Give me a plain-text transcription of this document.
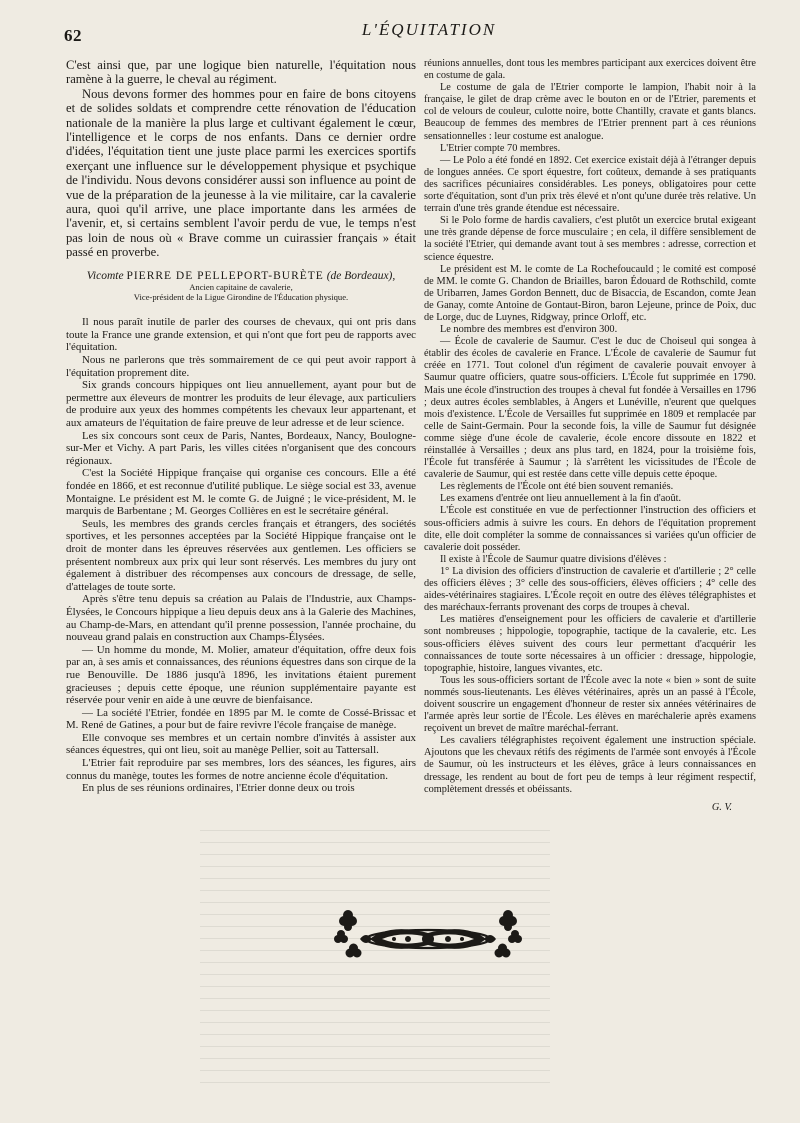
62	L'ÉQUITATION

C'est ainsi que, par une logique bien naturelle, l'équitation nous ramène à la guerre, le cheval au régiment.

Nous devons former des hommes pour en faire de bons citoyens et de solides soldats et comprendre cette rénovation de l'éducation nationale de la manière la plus large et cultivant également le cœur, l'intelligence et le corps de nos enfants. Dans ce dernier ordre d'idées, l'équitation tient une juste place parmi les exercices sportifs exerçant une influence sur le développement physique et psychique de l'individu. Nous devons considérer aussi son influence au point de vue de la préparation de la jeunesse à la vie militaire, car la cavalerie aura, quoi qu'il arrive, une place importante dans les armées de l'avenir, et, si certains semblent l'avoir perdu de vue, le temps n'est pas loin de nous où « Brave comme un cuirassier français » était passé en proverbe.

Vicomte PIERRE DE PELLEPORT-BURÈTE (de Bordeaux),
Ancien capitaine de cavalerie,
Vice-président de la Ligue Girondine de l'Éducation physique.

Il nous paraît inutile de parler des courses de chevaux, qui ont pris dans toute la France une grande extension, et qui n'ont que fort peu de rapports avec l'équitation.

Nous ne parlerons que très sommairement de ce qui peut avoir rapport à l'équitation proprement dite.

Six grands concours hippiques ont lieu annuellement, ayant pour but de permettre aux éleveurs de montrer les produits de leur élevage, aux particuliers de produire aux yeux des hommes compétents les chevaux leur appartenant, et aux amateurs de l'équitation de faire preuve de leur adresse et de leur science.

Les six concours sont ceux de Paris, Nantes, Bordeaux, Nancy, Boulogne-sur-Mer et Vichy. A part Paris, les villes citées n'organisent que des concours régionaux.

C'est la Société Hippique française qui organise ces concours. Elle a été fondée en 1866, et est reconnue d'utilité publique. Le siège social est 33, avenue Montaigne. Le président est M. le comte G. de Juigné ; le vice-président, M. le marquis de Barbentane ; M. Georges Collières en est le secrétaire général.

Seuls, les membres des grands cercles français et étrangers, des sociétés sportives, et les personnes acceptées par la Société Hippique française ont le droit de monter dans les épreuves réservées aux gentlemen. Les officiers se présentent nombreux aux prix qui leur sont réservés. Les membres du jury ont également à distribuer des récompenses aux concours de dressage, de selle, d'attelages de toute sorte.

Après s'être tenu depuis sa création au Palais de l'Industrie, aux Champs-Élysées, le Concours hippique a lieu depuis deux ans à la Galerie des Machines, au Champ-de-Mars, en attendant qu'il prenne possession, l'année prochaine, du nouveau grand palais en construction aux Champs-Élysées.

— Un homme du monde, M. Molier, amateur d'équitation, offre deux fois par an, à ses amis et connaissances, des réunions équestres dans son cirque de la rue Benouville. De 1886 jusqu'à 1896, les invitations étaient purement gracieuses ; depuis cette époque, une réunion supplémentaire payante est réservée pour venir en aide à une œuvre de bienfaisance.

— La société l'Etrier, fondée en 1895 par M. le comte de Cossé-Brissac et M. René de Gatines, a pour but de faire revivre l'école française de manège.

Elle convoque ses membres et un certain nombre d'invités à assister aux séances équestres, qui ont lieu, soit au manège Pellier, soit au Tattersall.

L'Etrier fait reproduire par ses membres, lors des séances, les figures, airs connus du manège, toutes les formes de notre ancienne école d'équitation.

En plus de ses réunions ordinaires, l'Etrier donne deux ou trois

réunions annuelles, dont tous les membres participant aux exercices doivent être en costume de gala.

Le costume de gala de l'Etrier comporte le lampion, l'habit noir à la française, le gilet de drap crème avec le bouton en or de l'Etrier, parements et col de velours de couleur, culotte noire, botte Chantilly, cravate et gants blancs. Beaucoup de femmes des membres de l'Etrier prennent part à ces réunions sensationnelles : leur costume est analogue.

L'Etrier compte 70 membres.

— Le Polo a été fondé en 1892. Cet exercice existait déjà à l'étranger depuis de longues années. Ce sport équestre, fort coûteux, demande à ses pratiquants des sacrifices pécuniaires considérables. Les poneys, obligatoires pour cette sorte d'équitation, sont d'un prix très élevé et n'ont qu'une durée très relative. Un terrain d'une très grande étendue est nécessaire.

Si le Polo forme de hardis cavaliers, c'est plutôt un exercice brutal exigeant une très grande dépense de force musculaire ; en cela, il diffère sensiblement de la société l'Etrier, qui demande avant tout à ses membres : adresse, correction et science équestre.

Le président est M. le comte de La Rochefoucauld ; le comité est composé de MM. le comte G. Chandon de Briailles, baron Édouard de Rothschild, comte de Uribarren, James Gordon Bennett, duc de Bisaccia, de Escandon, comte Jean de Ganay, comte Antoine de Gontaut-Biron, baron Lejeune, prince de Poix, duc de Lorge, duc de Luynes, Ridgway, prince Orloff, etc.

Le nombre des membres est d'environ 300.

— École de cavalerie de Saumur. C'est le duc de Choiseul qui songea à établir des écoles de cavalerie en France. L'École de cavalerie de Saumur fut créée en 1771. Tout colonel d'un régiment de cavalerie pouvait envoyer à Saumur quatre officiers, quatre sous-officiers. L'École fut supprimée en 1790. Mais une école d'instruction des troupes à cheval fut fondée à Versailles en 1796 ; deux autres écoles semblables, à Angers et Lunéville, n'eurent que quelques mois d'existence. L'École de Versailles fut supprimée en 1809 et remplacée par celle de Saint-Germain. Pour la seconde fois, la ville de Saumur fut désignée comme siège d'une école de cavalerie, école encore dissoute en 1822 et réinstallée à Versailles ; deux ans plus tard, en 1824, pour la troisième fois, l'École fut transférée à Saumur ; là s'arrêtent les vicissitudes de l'École de cavalerie de Saumur, qui est restée dans cette ville depuis cette époque.

Les règlements de l'École ont été bien souvent remaniés.

Les examens d'entrée ont lieu annuellement à la fin d'août.

L'École est constituée en vue de perfectionner l'instruction des officiers et sous-officiers admis à suivre les cours. En dehors de l'équitation proprement dite, elle doit compléter la somme de connaissances si variées qu'un officier de cavalerie doit posséder.

Il existe à l'École de Saumur quatre divisions d'élèves :

1° La division des officiers d'instruction de cavalerie et d'artillerie ; 2° celle des officiers élèves ; 3° celle des sous-officiers, élèves officiers ; 4° celle des aides-vétérinaires stagiaires. L'École reçoit en outre des élèves télégraphistes et des maréchaux-ferrants provenant des corps de troupes à cheval.

Les matières d'enseignement pour les officiers de cavalerie et d'artillerie sont nombreuses ; hippologie, topographie, tactique de la cavalerie, etc. Les sous-officiers élèves suivent des cours leur permettant d'acquérir les connaissances de toute sorte nécessaires à un officier : dressage, hippologie, topographie, histoire, langues vivantes, etc.

Tous les sous-officiers sortant de l'École avec la note « bien » sont de suite nommés sous-lieutenants. Les élèves vétérinaires, après un an passé à l'École, doivent souscrire un engagement d'honneur de rester six années vétérinaires de l'armée après leur sortie de l'École. Les élèves en maréchalerie après examens reçoivent un brevet de maître maréchal-ferrant.

Les cavaliers télégraphistes reçoivent également une instruction spéciale. Ajoutons que les chevaux rétifs des régiments de l'armée sont envoyés à l'École de Saumur, où les instructeurs et les élèves, grâce à leurs connaissances en dressage, les rendent au bout de fort peu de temps à leur régiment respectif, complètement dressés et obéissants.

G. V.
